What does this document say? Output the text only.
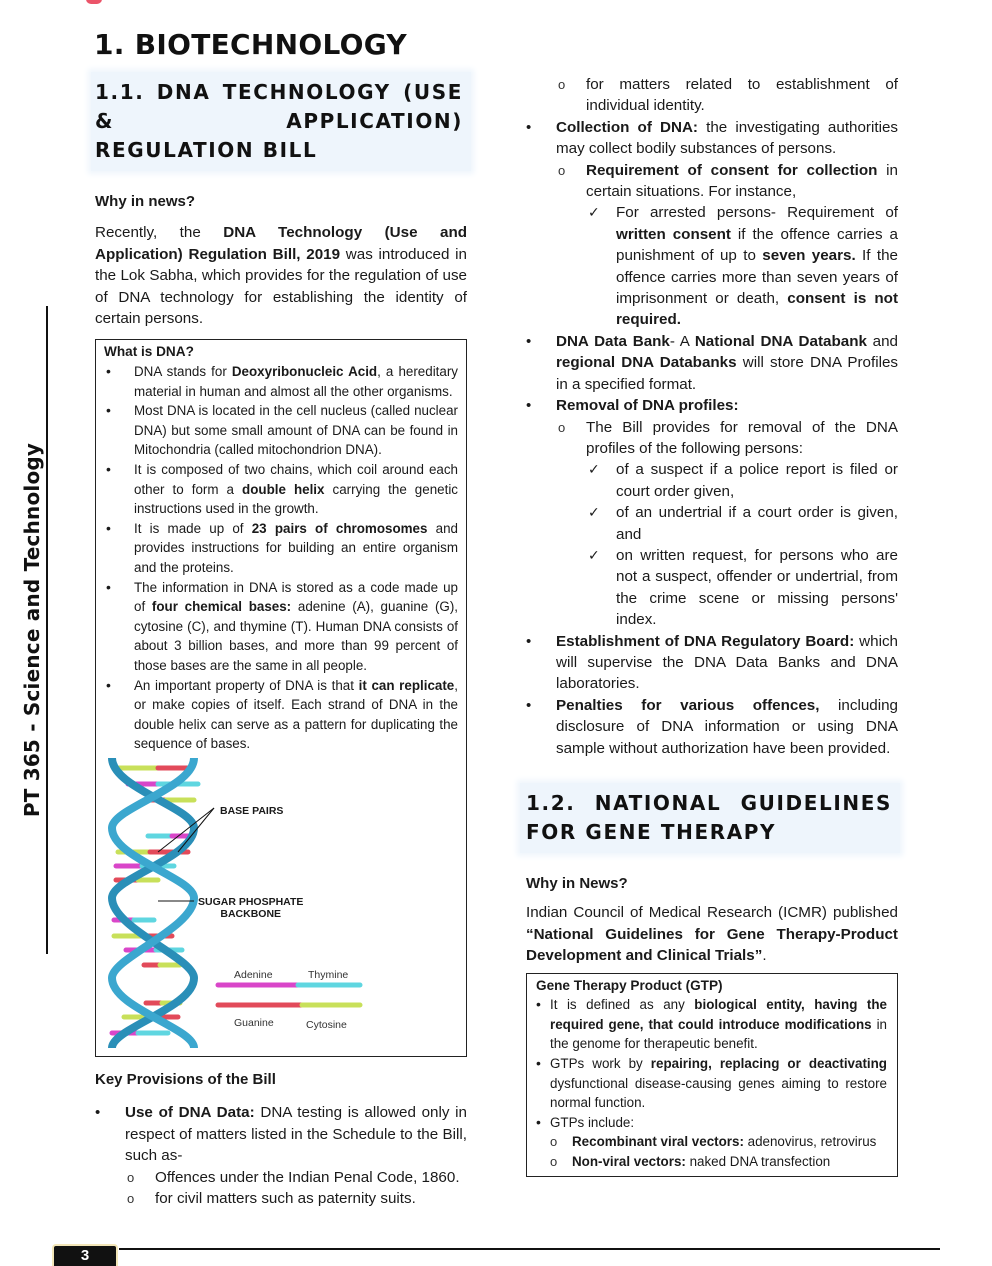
PT 365 - Science and Technology
1. BIOTECHNOLOGY
1.1. DNA TECHNOLOGY (USE & APPLICATION) REGULATION BILL
Why in news?

Recently, the DNA Technology (Use and Application) Regulation Bill, 2019 was introduced in the Lok Sabha, which provides for the regulation of use of DNA technology for establishing the identity of certain persons.

What is DNA?
• DNA stands for Deoxyribonucleic Acid, a hereditary material in human and almost all the other organisms.
• Most DNA is located in the cell nucleus (called nuclear DNA) but some small amount of DNA can be found in Mitochondria (called mitochondrion DNA).
• It is composed of two chains, which coil around each other to form a double helix carrying the genetic instructions used in the growth.
• It is made up of 23 pairs of chromosomes and provides instructions for building an entire organism and the proteins.
• The information in DNA is stored as a code made up of four chemical bases: adenine (A), guanine (G), cytosine (C), and thymine (T). Human DNA consists of about 3 billion bases, and more than 99 percent of those bases are the same in all people.
• An important property of DNA is that it can replicate, or make copies of itself. Each strand of DNA in the double helix can serve as a pattern for duplicating the sequence of bases.
BASE PAIRS
SUGAR PHOSPHATE
BACKBONE
Adenine	Thymine
Guanine	Cytosine
Key Provisions of the Bill
• Use of DNA Data: DNA testing is allowed only in respect of matters listed in the Schedule to the Bill, such as-
o Offences under the Indian Penal Code, 1860.
o for civil matters such as paternity suits.
o for matters related to establishment of individual identity.
• Collection of DNA: the investigating authorities may collect bodily substances of persons.
o Requirement of consent for collection in certain situations. For instance,
✓ For arrested persons- Requirement of written consent if the offence carries a punishment of up to seven years. If the offence carries more than seven years of imprisonment or death, consent is not required.
• DNA Data Bank- A National DNA Databank and regional DNA Databanks will store DNA Profiles in a specified format.
• Removal of DNA profiles:
o The Bill provides for removal of the DNA profiles of the following persons:
✓ of a suspect if a police report is filed or court order given,
✓ of an undertrial if a court order is given, and
✓ on written request, for persons who are not a suspect, offender or undertrial, from the crime scene or missing persons' index.
• Establishment of DNA Regulatory Board: which will supervise the DNA Data Banks and DNA laboratories.
• Penalties for various offences, including disclosure of DNA information or using DNA sample without authorization have been provided.
1.2. NATIONAL GUIDELINES FOR GENE THERAPY
Why in News?

Indian Council of Medical Research (ICMR) published “National Guidelines for Gene Therapy-Product Development and Clinical Trials”.

Gene Therapy Product (GTP)
• It is defined as any biological entity, having the required gene, that could introduce modifications in the genome for therapeutic benefit.
• GTPs work by repairing, replacing or deactivating dysfunctional disease-causing genes aiming to restore normal function.
• GTPs include:
o Recombinant viral vectors: adenovirus, retrovirus
o Non-viral vectors: naked DNA transfection
3
